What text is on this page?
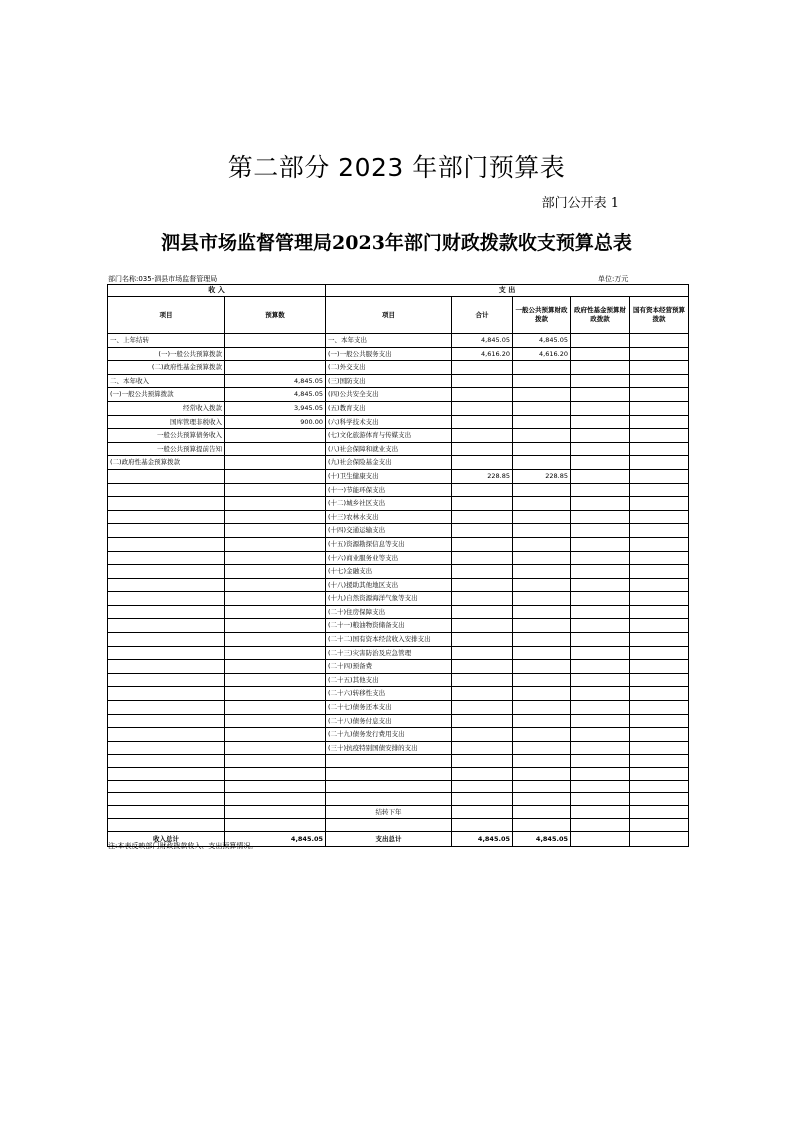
第二部分 2023 年部门预算表
部门公开表 1
泗县市场监督管理局2023年部门财政拨款收支预算总表
部门名称:035-泗县市场监督管理局	单位:万元
收 入		支 出				
项目	预算数	项目	合计	一般公共预算财政拨款	政府性基金预算财政拨款	国有资本经营预算拨款
一、上年结转		一、本年支出	4,845.05	4,845.05		
(一)一般公共预算拨款		(一)一般公共服务支出	4,616.20	4,616.20		
(二)政府性基金预算拨款		(二)外交支出				
二、本年收入	4,845.05	(三)国防支出				
(一)一般公共预算拨款	4,845.05	(四)公共安全支出				
经常收入拨款	3,945.05	(五)教育支出				
国库管理非税收入	900.00	(六)科学技术支出				
一般公共预算债务收入		(七)文化旅游体育与传媒支出				
一般公共预算提前告知		(八)社会保障和就业支出				
(二)政府性基金预算拨款		(九)社会保险基金支出				
		(十)卫生健康支出	228.85	228.85		
		(十一)节能环保支出				
		(十二)城乡社区支出				
		(十三)农林水支出				
		(十四)交通运输支出				
		(十五)资源勘探信息等支出				
		(十六)商业服务业等支出				
		(十七)金融支出				
		(十八)援助其他地区支出				
		(十九)自然资源海洋气象等支出				
		(二十)住房保障支出				
		(二十一)粮油物资储备支出				
		(二十二)国有资本经营收入安排支出				
		(二十三)灾害防治及应急管理				
		(二十四)预备费				
		(二十五)其他支出				
		(二十六)转移性支出				
		(二十七)债务还本支出				
		(二十八)债务付息支出				
		(二十九)债务发行费用支出				
		(三十)抗疫特别国债安排的支出				

		结转下年				

收入总计	4,845.05	支出总计	4,845.05	4,845.05		
注:本表反映部门财政拨款收入、支出预算情况。
